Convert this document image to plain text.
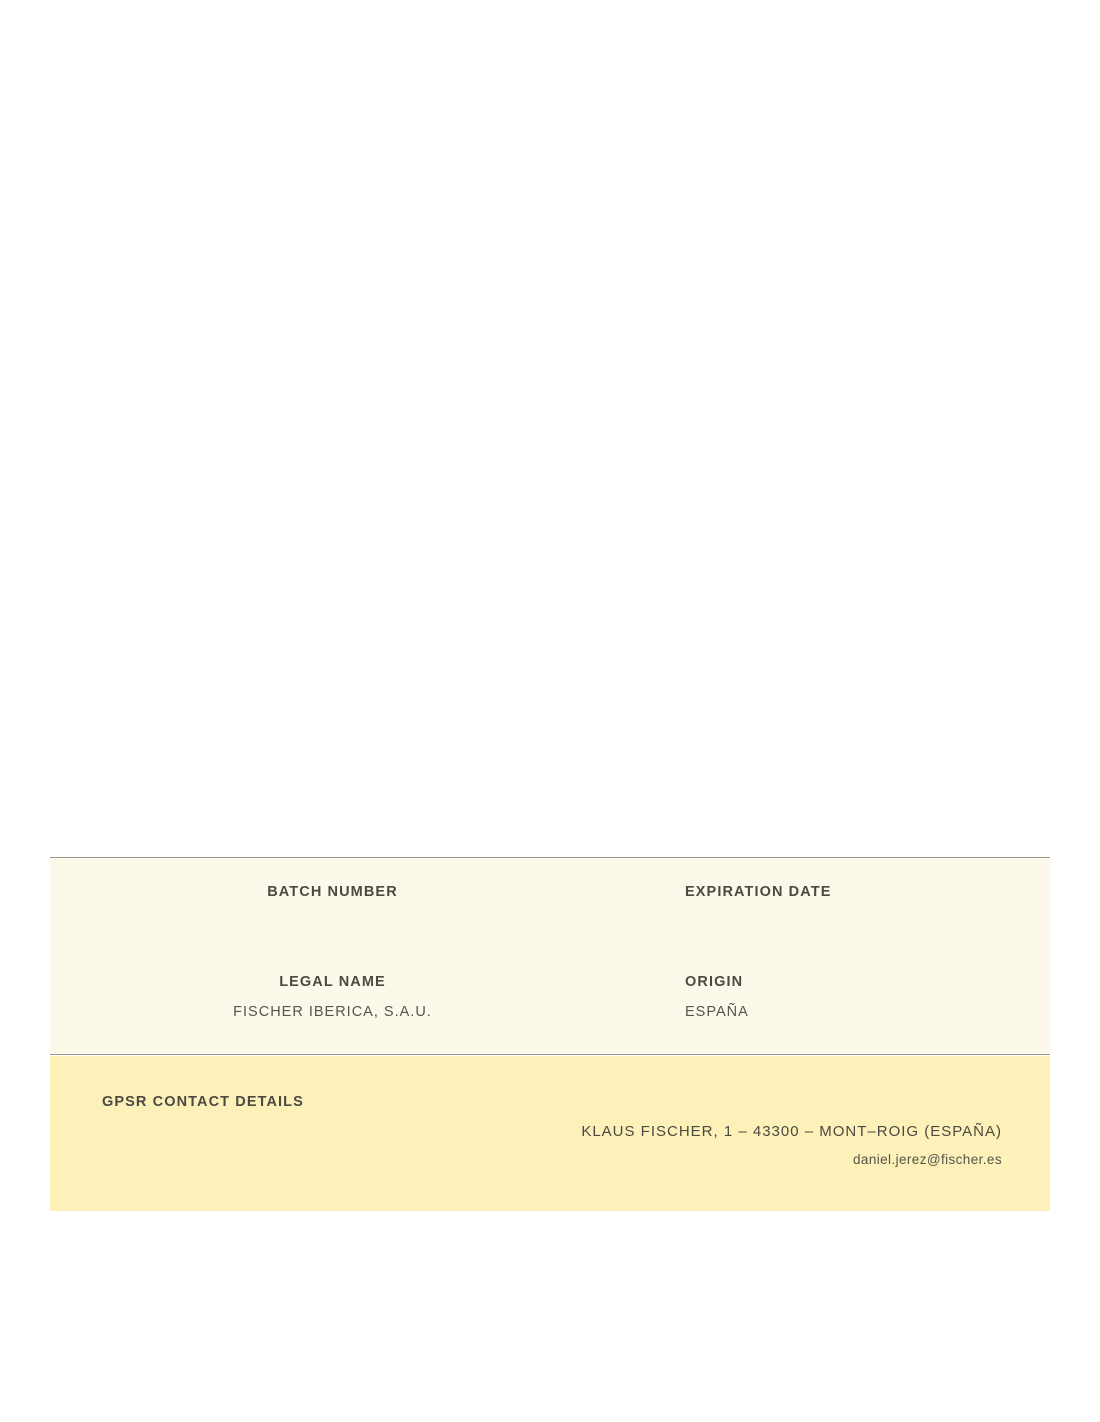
BATCH NUMBER	EXPIRATION DATE
LEGAL NAME
FISCHER IBERICA, S.A.U.
ORIGIN
ESPAÑA
GPSR CONTACT DETAILS
KLAUS FISCHER, 1 – 43300 – MONT–ROIG (ESPAÑA)
daniel.jerez@fischer.es
